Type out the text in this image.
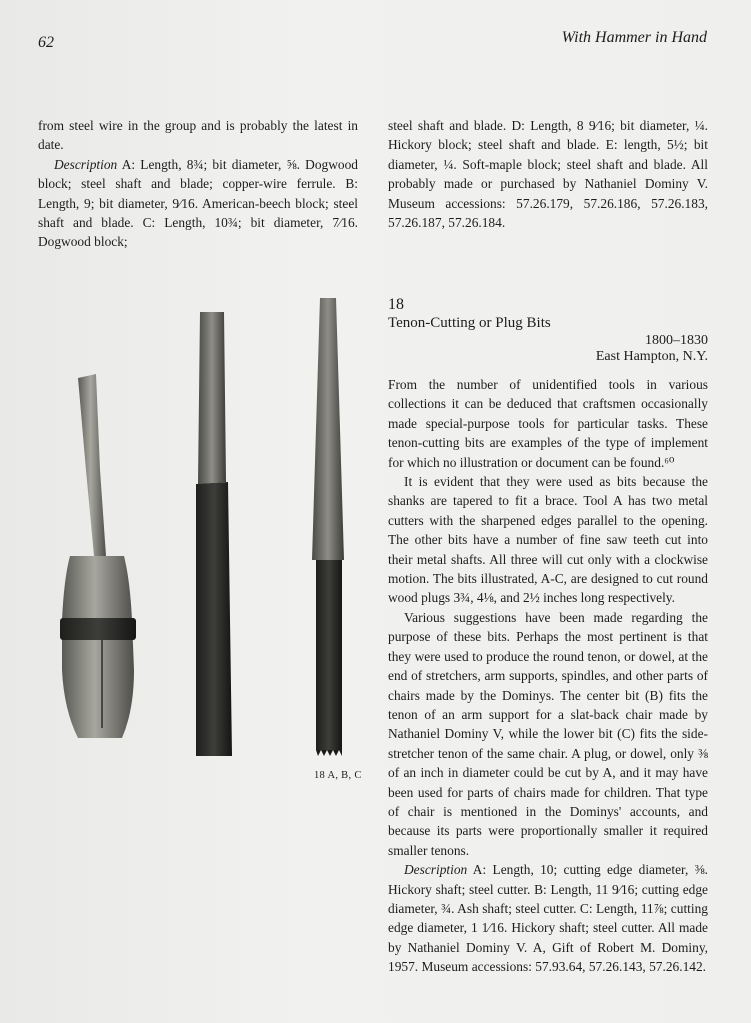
62	With Hammer in Hand

from steel wire in the group and is probably the latest in date.

Description A: Length, 8¾; bit diameter, ⅝. Dogwood block; steel shaft and blade; copper-wire ferrule. B: Length, 9; bit diameter, 9⁄16. American-beech block; steel shaft and blade. C: Length, 10¾; bit diameter, 7⁄16. Dogwood block;

steel shaft and blade. D: Length, 8 9⁄16; bit diameter, ¼. Hickory block; steel shaft and blade. E: length, 5½; bit diameter, ¼. Soft-maple block; steel shaft and blade. All probably made or purchased by Nathaniel Dominy V. Museum accessions: 57.26.179, 57.26.186, 57.26.183, 57.26.187, 57.26.184.

18
Tenon-Cutting or Plug Bits
1800–1830
East Hampton, N.Y.

From the number of unidentified tools in various collections it can be deduced that craftsmen occasionally made special-purpose tools for particular tasks. These tenon-cutting bits are examples of the type of implement for which no illustration or document can be found.⁶⁰

It is evident that they were used as bits because the shanks are tapered to fit a brace. Tool A has two metal cutters with the sharpened edges parallel to the opening. The other bits have a number of fine saw teeth cut into their metal shafts. All three will cut only with a clockwise motion. The bits illustrated, A-C, are designed to cut round wood plugs 3¾, 4⅛, and 2½ inches long respectively.

Various suggestions have been made regarding the purpose of these bits. Perhaps the most pertinent is that they were used to produce the round tenon, or dowel, at the end of stretchers, arm supports, spindles, and other parts of chairs made by the Dominys. The center bit (B) fits the tenon of an arm support for a slat-back chair made by Nathaniel Dominy V, while the lower bit (C) fits the side-stretcher tenon of the same chair. A plug, or dowel, only ⅜ of an inch in diameter could be cut by A, and it may have been used for parts of chairs made for children. That type of chair is mentioned in the Dominys' accounts, and because its parts were proportionally smaller it required smaller tenons.

Description A: Length, 10; cutting edge diameter, ⅜. Hickory shaft; steel cutter. B: Length, 11 9⁄16; cutting edge diameter, ¾. Ash shaft; steel cutter. C: Length, 11⅞; cutting edge diameter, 1 1⁄16. Hickory shaft; steel cutter. All made by Nathaniel Dominy V. A, Gift of Robert M. Dominy, 1957. Museum accessions: 57.93.64, 57.26.143, 57.26.142.

18 A, B, C
